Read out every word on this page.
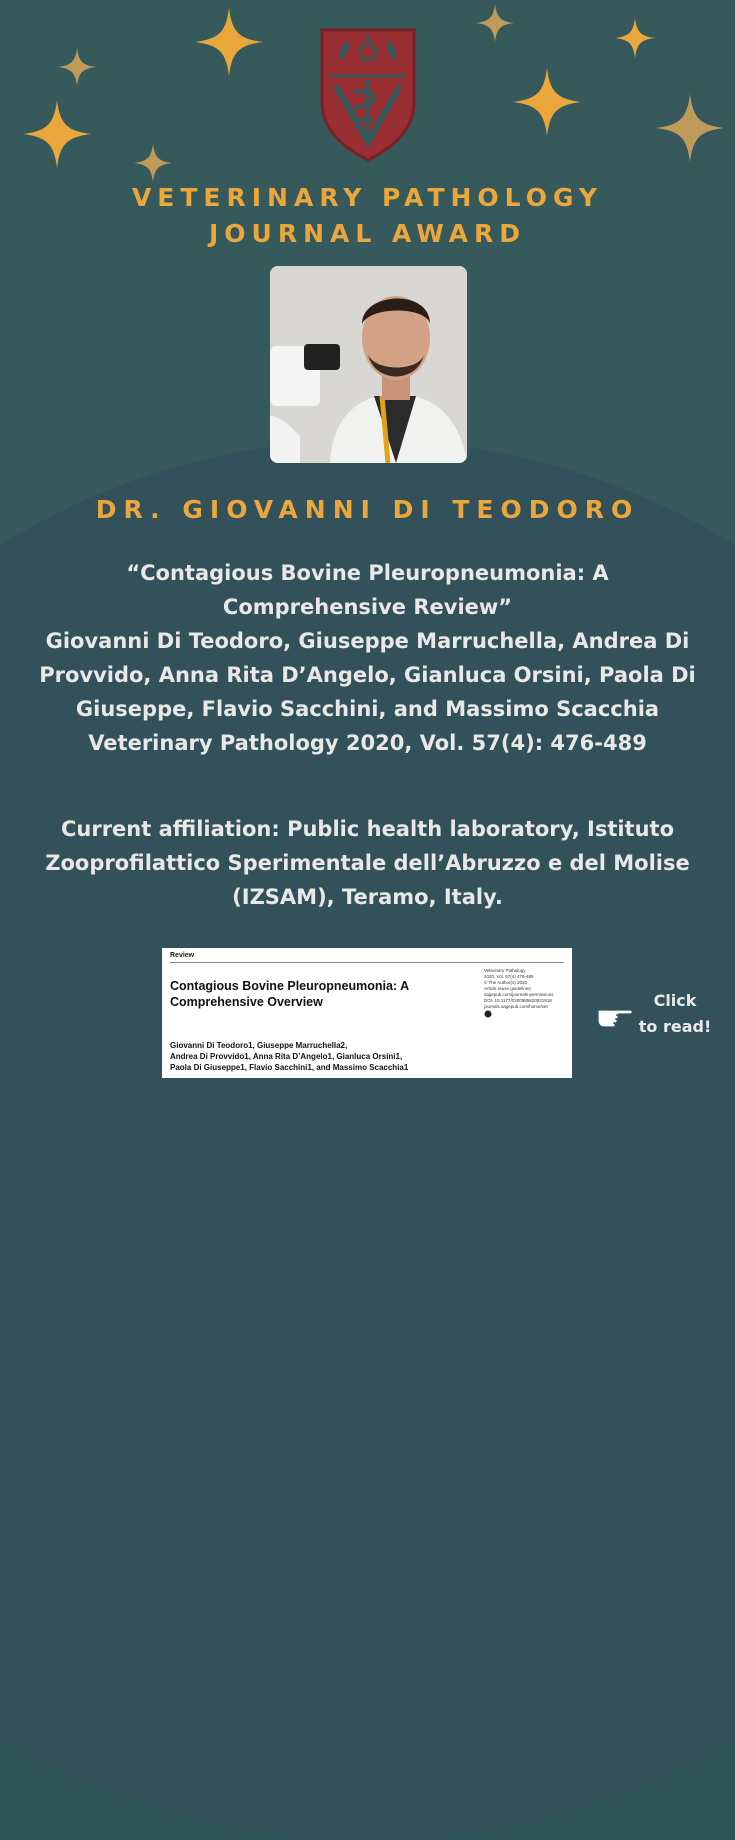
VETERINARY PATHOLOGY
JOURNAL AWARD
DR. GIOVANNI DI TEODORO
“Contagious Bovine Pleuropneumonia: A
Comprehensive Review”
Giovanni Di Teodoro, Giuseppe Marruchella, Andrea Di
Provvido, Anna Rita D’Angelo, Gianluca Orsini, Paola Di
Giuseppe, Flavio Sacchini, and Massimo Scacchia
Veterinary Pathology 2020, Vol. 57(4): 476-489
Current affiliation: Public health laboratory, Istituto
Zooprofilattico Sperimentale dell’Abruzzo e del Molise
(IZSAM), Teramo, Italy.
Review
Contagious Bovine Pleuropneumonia: A
Comprehensive Overview
Veterinary Pathology
2020, Vol. 57(4) 476-489
© The Author(s) 2020
Article reuse guidelines:
sagepub.com/journals-permissions
DOI: 10.1177/0300985820921818
journals.sagepub.com/home/vet
Giovanni Di Teodoro1, Giuseppe Marruchella2,
Andrea Di Provvido1, Anna Rita D’Angelo1, Gianluca Orsini1,
Paola Di Giuseppe1, Flavio Sacchini1, and Massimo Scacchia1
Click
to read!
